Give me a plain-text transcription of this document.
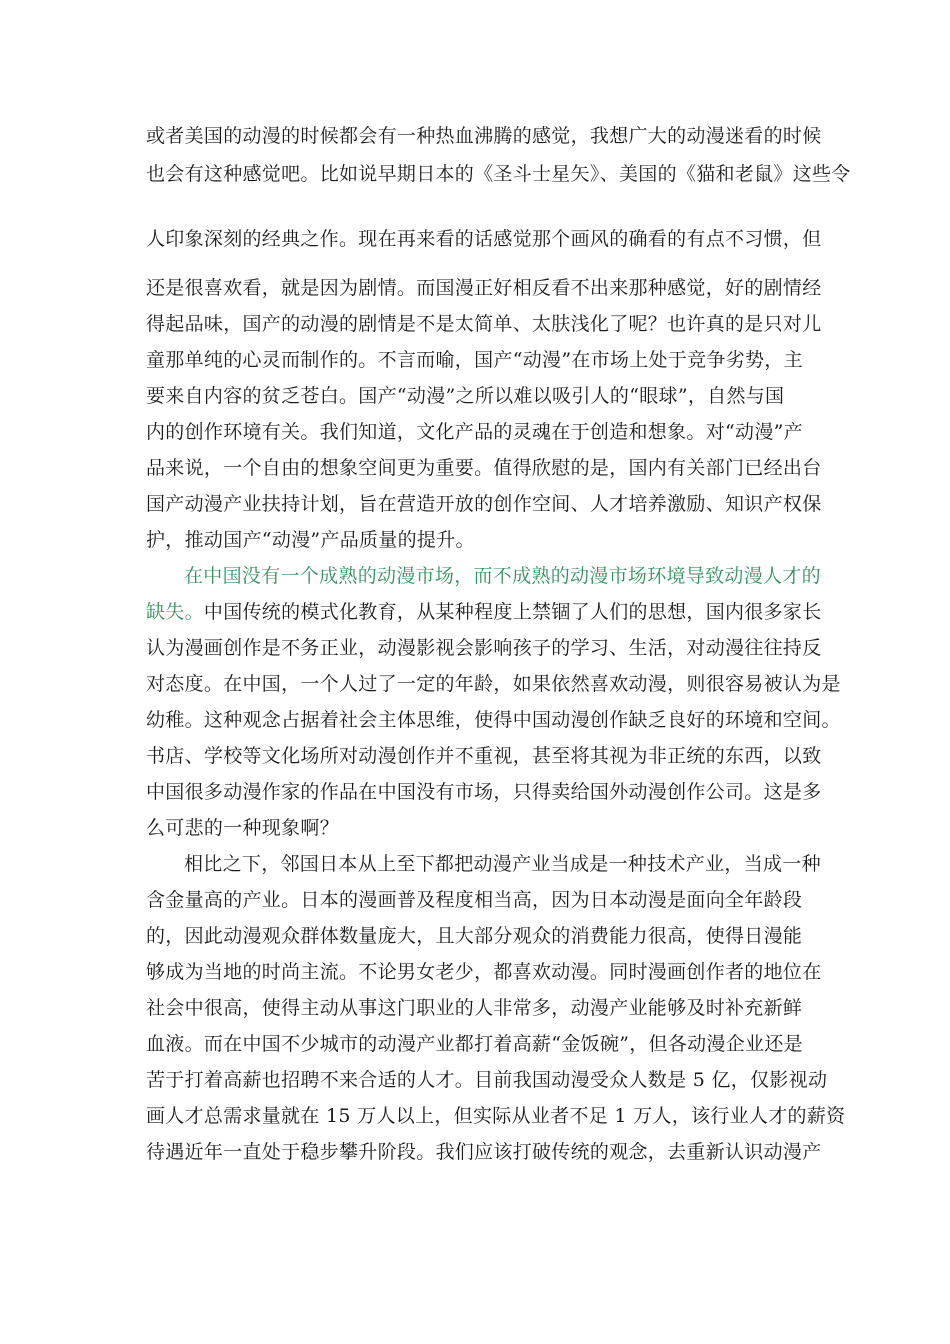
或者美国的动漫的时候都会有一种热血沸腾的感觉，我想广大的动漫迷看的时候
也会有这种感觉吧。比如说早期日本的《圣斗士星矢》、美国的《猫和老鼠》这些令
人印象深刻的经典之作。现在再来看的话感觉那个画风的确看的有点不习惯，但
还是很喜欢看，就是因为剧情。而国漫正好相反看不出来那种感觉，好的剧情经
得起品味，国产的动漫的剧情是不是太简单、太肤浅化了呢？也许真的是只对儿
童那单纯的心灵而制作的。不言而喻，国产“动漫”在市场上处于竞争劣势，主
要来自内容的贫乏苍白。国产“动漫”之所以难以吸引人的“眼球”，自然与国
内的创作环境有关。我们知道，文化产品的灵魂在于创造和想象。对“动漫”产
品来说，一个自由的想象空间更为重要。值得欣慰的是，国内有关部门已经出台
国产动漫产业扶持计划，旨在营造开放的创作空间、人才培养激励、知识产权保
护，推动国产“动漫”产品质量的提升。
在中国没有一个成熟的动漫市场，而不成熟的动漫市场环境导致动漫人才的
缺失。中国传统的模式化教育，从某种程度上禁锢了人们的思想，国内很多家长
认为漫画创作是不务正业，动漫影视会影响孩子的学习、生活，对动漫往往持反
对态度。在中国，一个人过了一定的年龄，如果依然喜欢动漫，则很容易被认为是
幼稚。这种观念占据着社会主体思维，使得中国动漫创作缺乏良好的环境和空间。
书店、学校等文化场所对动漫创作并不重视，甚至将其视为非正统的东西，以致
中国很多动漫作家的作品在中国没有市场，只得卖给国外动漫创作公司。这是多
么可悲的一种现象啊？
相比之下，邻国日本从上至下都把动漫产业当成是一种技术产业，当成一种
含金量高的产业。日本的漫画普及程度相当高，因为日本动漫是面向全年龄段
的，因此动漫观众群体数量庞大，且大部分观众的消费能力很高，使得日漫能
够成为当地的时尚主流。不论男女老少，都喜欢动漫。同时漫画创作者的地位在
社会中很高，使得主动从事这门职业的人非常多，动漫产业能够及时补充新鲜
血液。而在中国不少城市的动漫产业都打着高薪“金饭碗”，但各动漫企业还是
苦于打着高薪也招聘不来合适的人才。目前我国动漫受众人数是 5 亿，仅影视动
画人才总需求量就在 15 万人以上，但实际从业者不足 1 万人，该行业人才的薪资
待遇近年一直处于稳步攀升阶段。我们应该打破传统的观念，去重新认识动漫产
